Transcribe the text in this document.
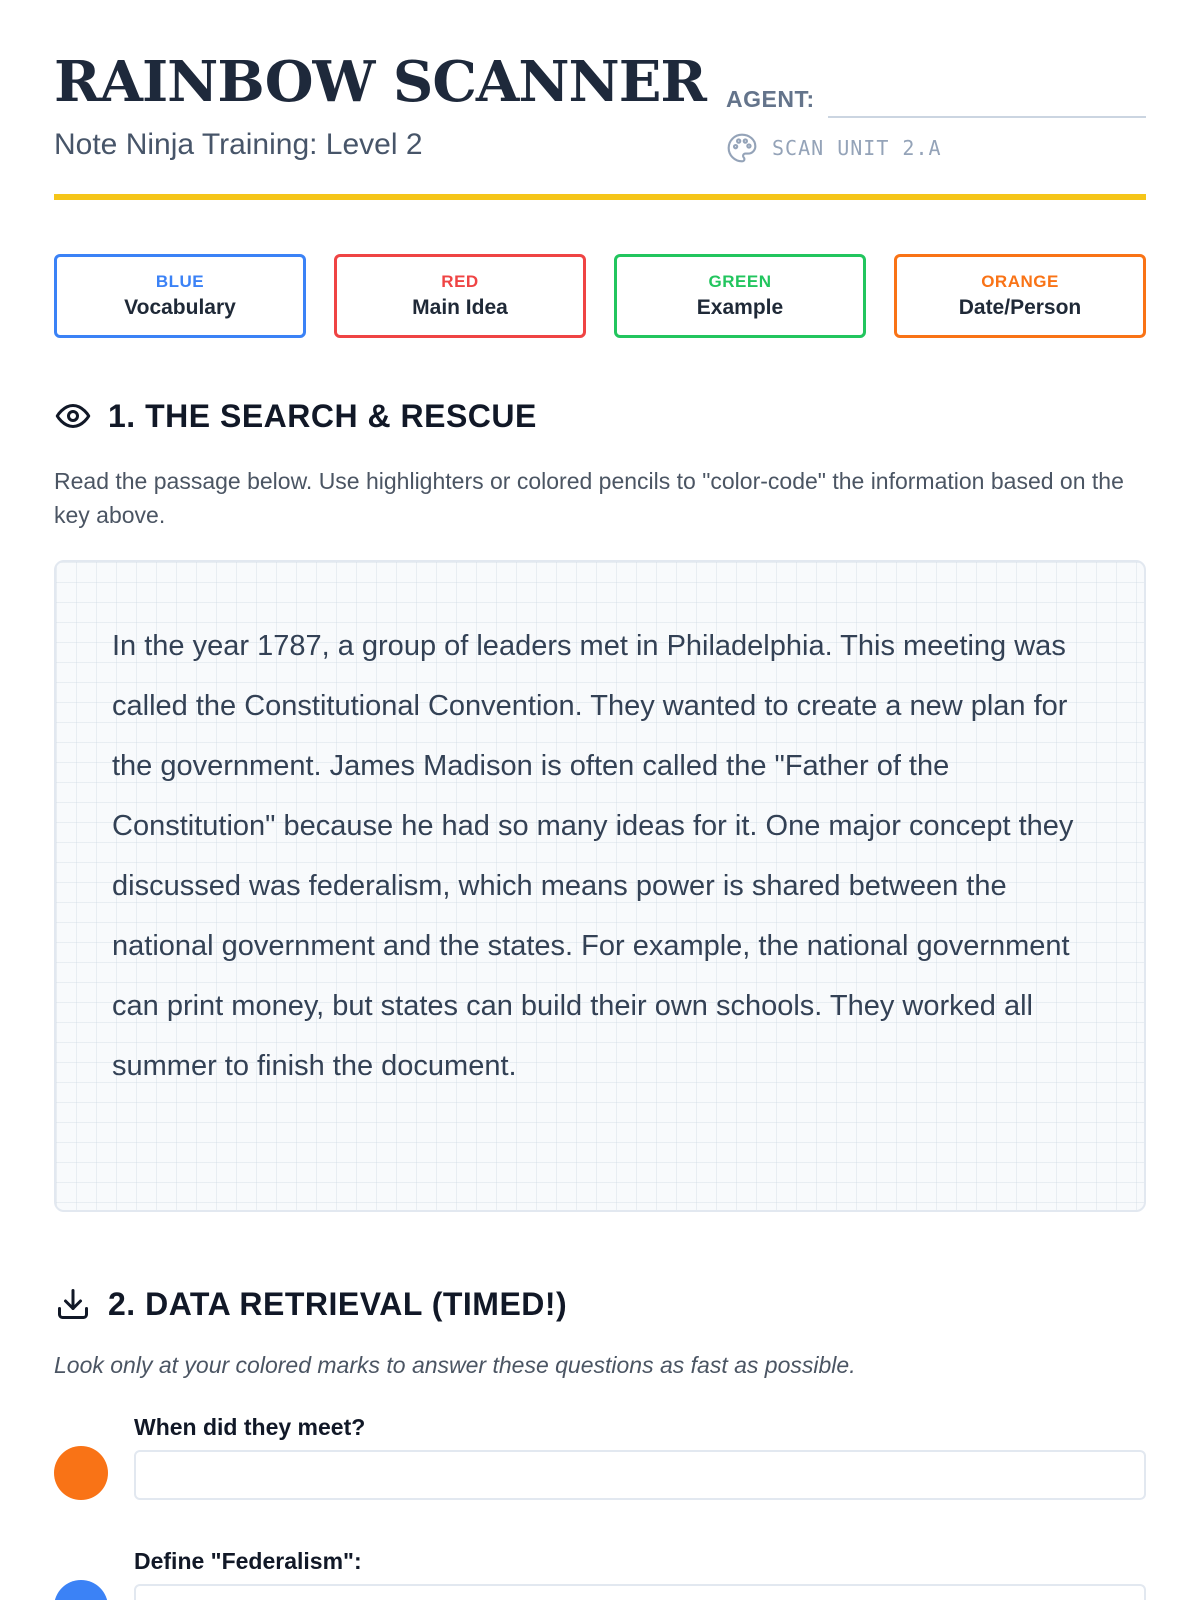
RAINBOW SCANNER
Note Ninja Training: Level 2
AGENT:
SCAN UNIT 2.A
BLUE
Vocabulary
RED
Main Idea
GREEN
Example
ORANGE
Date/Person
1. THE SEARCH & RESCUE
Read the passage below. Use highlighters or colored pencils to "color-code" the information based on the key above.
In the year 1787, a group of leaders met in Philadelphia. This meeting was called the Constitutional Convention. They wanted to create a new plan for the government. James Madison is often called the "Father of the Constitution" because he had so many ideas for it. One major concept they discussed was federalism, which means power is shared between the national government and the states. For example, the national government can print money, but states can build their own schools. They worked all summer to finish the document.
2. DATA RETRIEVAL (TIMED!)
Look only at your colored marks to answer these questions as fast as possible.
When did they meet?
Define "Federalism":
